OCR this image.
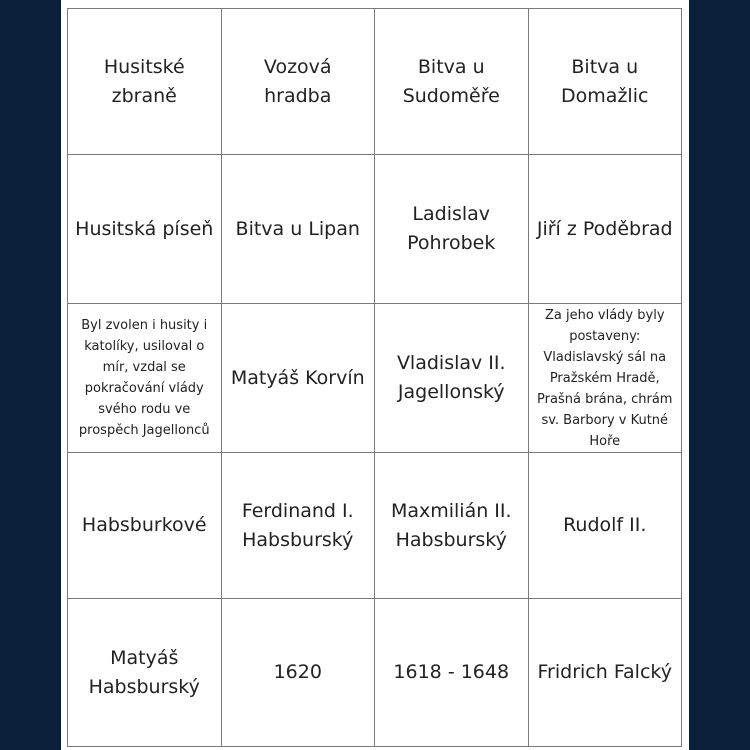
Husitské zbraně	Vozová hradba	Bitva u Sudoměře	Bitva u Domažlic
Husitská píseň	Bitva u Lipan	Ladislav Pohrobek	Jiří z Poděbrad
Byl zvolen i husity i katolíky, usiloval o mír, vzdal se pokračování vlády svého rodu ve prospěch Jagellonců	Matyáš Korvín	Vladislav II. Jagellonský	Za jeho vlády byly postaveny: Vladislavský sál na Pražském Hradě, Prašná brána, chrám sv. Barbory v Kutné Hoře
Habsburkové	Ferdinand I. Habsburský	Maxmilián II. Habsburský	Rudolf II.
Matyáš Habsburský	1620	1618 - 1648	Fridrich Falcký
